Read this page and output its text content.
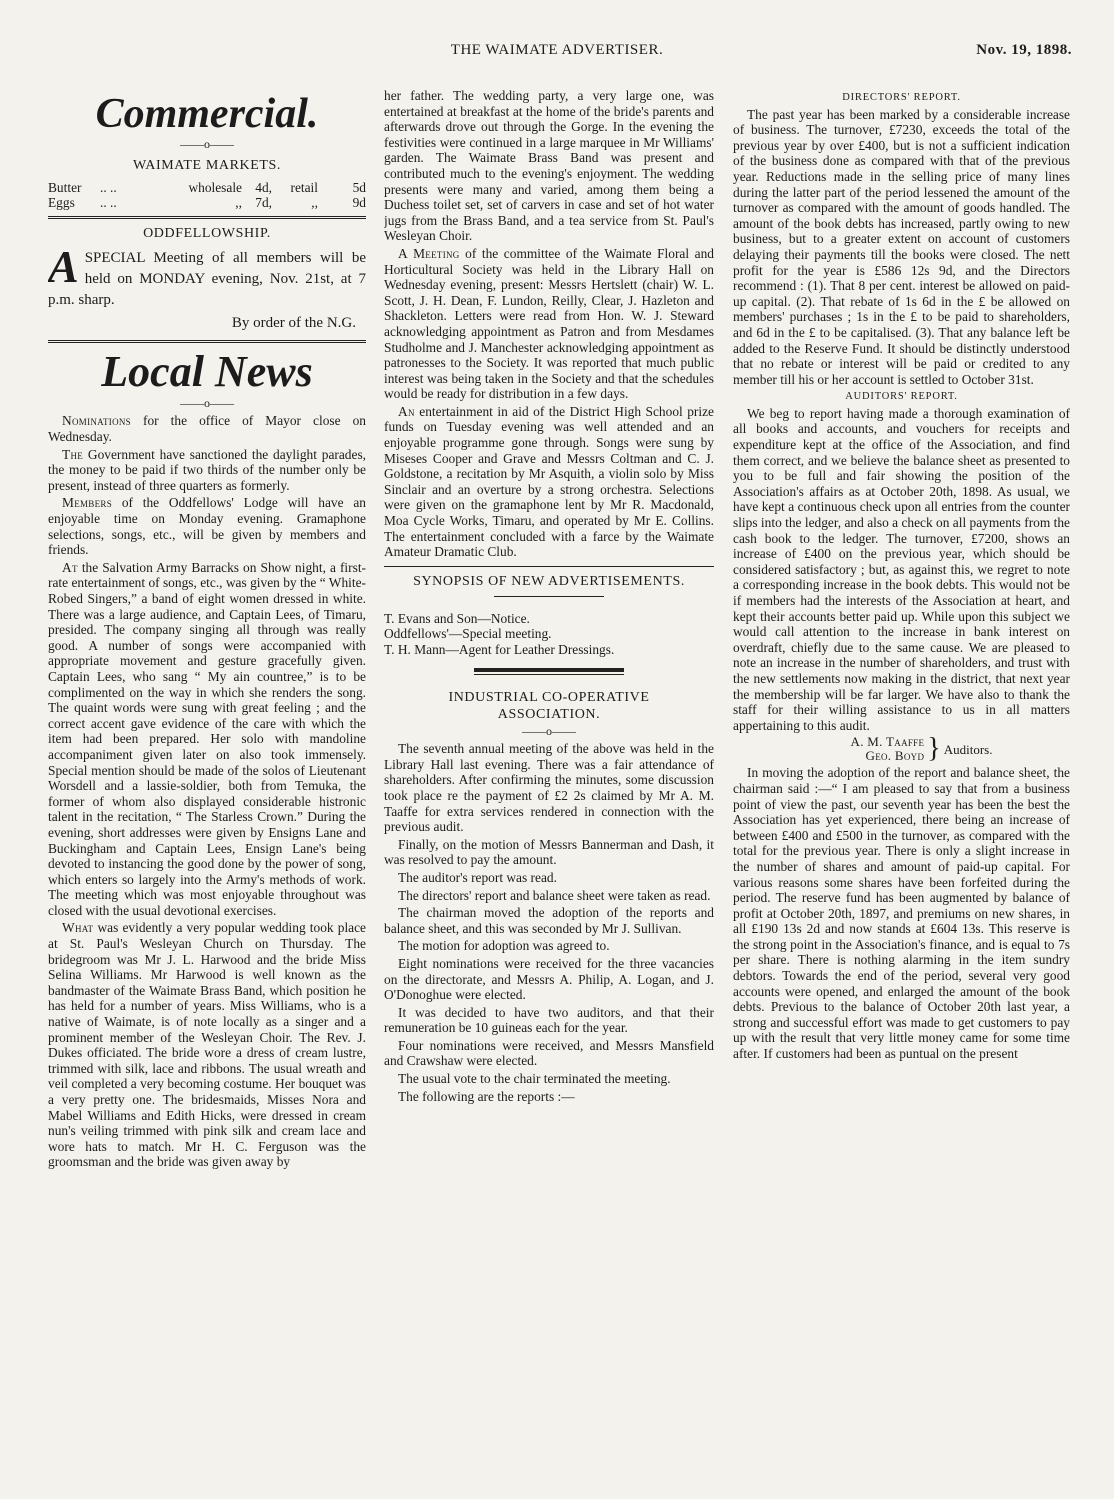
THE WAIMATE ADVERTISER.	Nov. 19, 1898.
Commercial.
——o——
WAIMATE MARKETS.
Butter	.. ..	wholesale	4d,	retail	5d
Eggs	.. ..	,,	7d,	,,	9d
ODDFELLOWSHIP.

ASPECIAL Meeting of all members will be held on MONDAY evening, Nov. 21st, at 7 p.m. sharp.

By order of the N.G.

Local News
——o——

Nominations for the office of Mayor close on Wednesday.

The Government have sanctioned the daylight parades, the money to be paid if two thirds of the number only be present, instead of three quarters as formerly.

Members of the Oddfellows' Lodge will have an enjoyable time on Monday evening. Gramaphone selections, songs, etc., will be given by members and friends.

At the Salvation Army Barracks on Show night, a first-rate entertainment of songs, etc., was given by the “ White-Robed Singers,” a band of eight women dressed in white. There was a large audience, and Captain Lees, of Timaru, presided. The company singing all through was really good. A number of songs were accompanied with appropriate movement and gesture gracefully given. Captain Lees, who sang “ My ain countree,” is to be complimented on the way in which she renders the song. The quaint words were sung with great feeling ; and the correct accent gave evidence of the care with which the item had been prepared. Her solo with mandoline accompaniment given later on also took immensely. Special mention should be made of the solos of Lieutenant Worsdell and a lassie-soldier, both from Temuka, the former of whom also displayed considerable histronic talent in the recitation, “ The Starless Crown.” During the evening, short addresses were given by Ensigns Lane and Buckingham and Captain Lees, Ensign Lane's being devoted to instancing the good done by the power of song, which enters so largely into the Army's methods of work. The meeting which was most enjoyable throughout was closed with the usual devotional exercises.

What was evidently a very popular wedding took place at St. Paul's Wesleyan Church on Thursday. The bridegroom was Mr J. L. Harwood and the bride Miss Selina Williams. Mr Harwood is well known as the bandmaster of the Waimate Brass Band, which position he has held for a number of years. Miss Williams, who is a native of Waimate, is of note locally as a singer and a prominent member of the Wesleyan Choir. The Rev. J. Dukes officiated. The bride wore a dress of cream lustre, trimmed with silk, lace and ribbons. The usual wreath and veil completed a very becoming costume. Her bouquet was a very pretty one. The bridesmaids, Misses Nora and Mabel Williams and Edith Hicks, were dressed in cream nun's veiling trimmed with pink silk and cream lace and wore hats to match. Mr H. C. Ferguson was the groomsman and the bride was given away by

her father. The wedding party, a very large one, was entertained at breakfast at the home of the bride's parents and afterwards drove out through the Gorge. In the evening the festivities were continued in a large marquee in Mr Williams' garden. The Waimate Brass Band was present and contributed much to the evening's enjoyment. The wedding presents were many and varied, among them being a Duchess toilet set, set of carvers in case and set of hot water jugs from the Brass Band, and a tea service from St. Paul's Wesleyan Choir.

A Meeting of the committee of the Waimate Floral and Horticultural Society was held in the Library Hall on Wednesday evening, present: Messrs Hertslett (chair) W. L. Scott, J. H. Dean, F. Lundon, Reilly, Clear, J. Hazleton and Shackleton. Letters were read from Hon. W. J. Steward acknowledging appointment as Patron and from Mesdames Studholme and J. Manchester acknowledging appointment as patronesses to the Society. It was reported that much public interest was being taken in the Society and that the schedules would be ready for distribution in a few days.

An entertainment in aid of the District High School prize funds on Tuesday evening was well attended and an enjoyable programme gone through. Songs were sung by Miseses Cooper and Grave and Messrs Coltman and C. J. Goldstone, a recitation by Mr Asquith, a violin solo by Miss Sinclair and an overture by a strong orchestra. Selections were given on the gramaphone lent by Mr R. Macdonald, Moa Cycle Works, Timaru, and operated by Mr E. Collins. The entertainment concluded with a farce by the Waimate Amateur Dramatic Club.

SYNOPSIS OF NEW ADVERTISEMENTS.

T. Evans and Son—Notice.

Oddfellows'—Special meeting.

T. H. Mann—Agent for Leather Dressings.

INDUSTRIAL CO-OPERATIVE
ASSOCIATION.
——o——

The seventh annual meeting of the above was held in the Library Hall last evening. There was a fair attendance of shareholders. After confirming the minutes, some discussion took place re the payment of £2 2s claimed by Mr A. M. Taaffe for extra services rendered in connection with the previous audit.

Finally, on the motion of Messrs Bannerman and Dash, it was resolved to pay the amount.

The auditor's report was read.

The directors' report and balance sheet were taken as read.

The chairman moved the adoption of the reports and balance sheet, and this was seconded by Mr J. Sullivan.

The motion for adoption was agreed to.

Eight nominations were received for the three vacancies on the directorate, and Messrs A. Philip, A. Logan, and J. O'Donoghue were elected.

It was decided to have two auditors, and that their remuneration be 10 guineas each for the year.

Four nominations were received, and Messrs Mansfield and Crawshaw were elected.

The usual vote to the chair terminated the meeting.

The following are the reports :—

DIRECTORS' REPORT.

The past year has been marked by a considerable increase of business. The turnover, £7230, exceeds the total of the previous year by over £400, but is not a sufficient indication of the business done as compared with that of the previous year. Reductions made in the selling price of many lines during the latter part of the period lessened the amount of the turnover as compared with the amount of goods handled. The amount of the book debts has increased, partly owing to new business, but to a greater extent on account of customers delaying their payments till the books were closed. The nett profit for the year is £586 12s 9d, and the Directors recommend : (1). That 8 per cent. interest be allowed on paid-up capital. (2). That rebate of 1s 6d in the £ be allowed on members' purchases ; 1s in the £ to be paid to shareholders, and 6d in the £ to be capitalised. (3). That any balance left be added to the Reserve Fund. It should be distinctly understood that no rebate or interest will be paid or credited to any member till his or her account is settled to October 31st.

AUDITORS' REPORT.

We beg to report having made a thorough examination of all books and accounts, and vouchers for receipts and expenditure kept at the office of the Association, and find them correct, and we believe the balance sheet as presented to you to be full and fair showing the position of the Association's affairs as at October 20th, 1898. As usual, we have kept a continuous check upon all entries from the counter slips into the ledger, and also a check on all payments from the cash book to the ledger. The turnover, £7200, shows an increase of £400 on the previous year, which should be considered satisfactory ; but, as against this, we regret to note a corresponding increase in the book debts. This would not be if members had the interests of the Association at heart, and kept their accounts better paid up. While upon this subject we would call attention to the increase in bank interest on overdraft, chiefly due to the same cause. We are pleased to note an increase in the number of shareholders, and trust with the new settlements now making in the district, that next year the membership will be far larger. We have also to thank the staff for their willing assistance to us in all matters appertaining to this audit.

A. M. Taaffe
Geo. Boyd } Auditors.

In moving the adoption of the report and balance sheet, the chairman said :—“ I am pleased to say that from a business point of view the past, our seventh year has been the best the Association has yet experienced, there being an increase of between £400 and £500 in the turnover, as compared with the total for the previous year. There is only a slight increase in the number of shares and amount of paid-up capital. For various reasons some shares have been forfeited during the period. The reserve fund has been augmented by balance of profit at October 20th, 1897, and premiums on new shares, in all £190 13s 2d and now stands at £604 13s. This reserve is the strong point in the Association's finance, and is equal to 7s per share. There is nothing alarming in the item sundry debtors. Towards the end of the period, several very good accounts were opened, and enlarged the amount of the book debts. Previous to the balance of October 20th last year, a strong and successful effort was made to get customers to pay up with the result that very little money came for some time after. If customers had been as puntual on the present
